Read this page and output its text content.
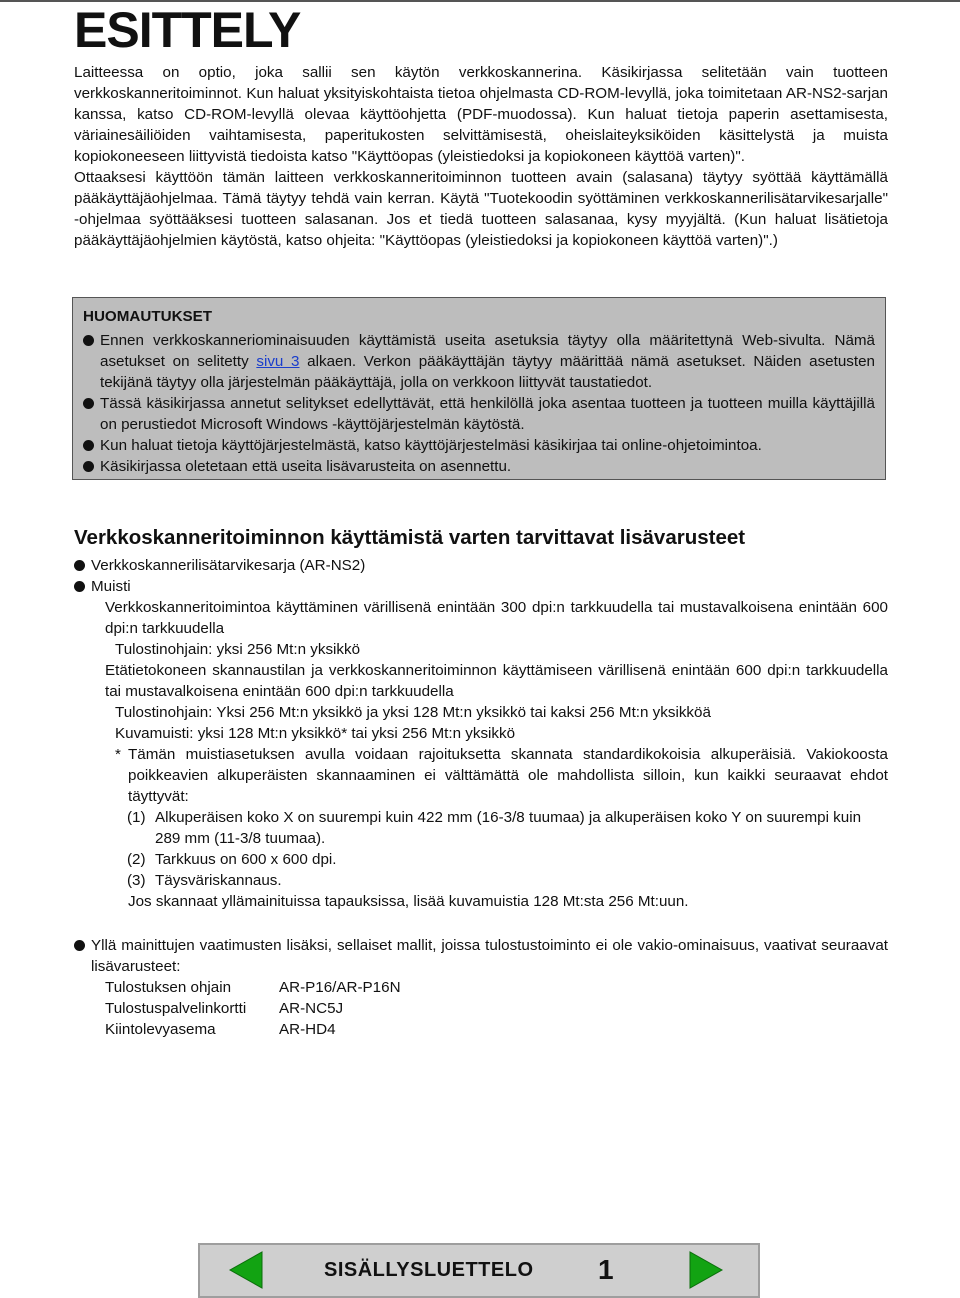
ESITTELY
Laitteessa on optio, joka sallii sen käytön verkkoskannerina. Käsikirjassa selitetään vain tuotteen verkkoskanneritoiminnot. Kun haluat yksityiskohtaista tietoa ohjelmasta CD-ROM-levyllä, joka toimitetaan AR-NS2-sarjan kanssa, katso CD-ROM-levyllä olevaa käyttöohjetta (PDF-muodossa). Kun haluat tietoja paperin asettamisesta, väriainesäiliöiden vaihtamisesta, paperitukosten selvittämisestä, oheislaiteyksiköiden käsittelystä ja muista kopiokoneeseen liittyvistä tiedoista katso "Käyttöopas (yleistiedoksi ja kopiokoneen käyttöä varten)".
Ottaaksesi käyttöön tämän laitteen verkkoskanneritoiminnon tuotteen avain (salasana) täytyy syöttää käyttämällä pääkäyttäjäohjelmaa. Tämä täytyy tehdä vain kerran. Käytä "Tuotekoodin syöttäminen verkkoskannerilisätarvikesarjalle" -ohjelmaa syöttääksesi tuotteen salasanan. Jos et tiedä tuotteen salasanaa, kysy myyjältä. (Kun haluat lisätietoja pääkäyttäjäohjelmien käytöstä, katso ohjeita: "Käyttöopas (yleistiedoksi ja kopiokoneen käyttöä varten)".)
HUOMAUTUKSET
Ennen verkkoskanneriominaisuuden käyttämistä useita asetuksia täytyy olla määritettynä Web-sivulta. Nämä asetukset on selitetty sivu 3 alkaen. Verkon pääkäyttäjän täytyy määrittää nämä asetukset. Näiden asetusten tekijänä täytyy olla järjestelmän pääkäyttäjä, jolla on verkkoon liittyvät taustatiedot.
Tässä käsikirjassa annetut selitykset edellyttävät, että henkilöllä joka asentaa tuotteen ja tuotteen muilla käyttäjillä on perustiedot Microsoft Windows -käyttöjärjestelmän käytöstä.
Kun haluat tietoja käyttöjärjestelmästä, katso käyttöjärjestelmäsi käsikirjaa tai online-ohjetoimintoa.
Käsikirjassa oletetaan että useita lisävarusteita on asennettu.
Verkkoskanneritoiminnon käyttämistä varten tarvittavat lisävarusteet
Verkkoskannerilisätarvikesarja (AR-NS2)
Muisti
Verkkoskanneritoimintoa käyttäminen värillisenä enintään 300 dpi:n tarkkuudella tai mustavalkoisena enintään 600 dpi:n tarkkuudella
Tulostinohjain: yksi 256 Mt:n yksikkö
Etätietokoneen skannaustilan ja verkkoskanneritoiminnon käyttämiseen värillisenä enintään 600 dpi:n tarkkuudella tai mustavalkoisena enintään 600 dpi:n tarkkuudella
Tulostinohjain: Yksi 256 Mt:n yksikkö ja yksi 128 Mt:n yksikkö tai kaksi 256 Mt:n yksikköä
Kuvamuisti: yksi 128 Mt:n yksikkö* tai yksi 256 Mt:n yksikkö
* Tämän muistiasetuksen avulla voidaan rajoituksetta skannata standardikokoisia alkuperäisiä. Vakiokoosta poikkeavien alkuperäisten skannaaminen ei välttämättä ole mahdollista silloin, kun kaikki seuraavat ehdot täyttyvät:
(1) Alkuperäisen koko X on suurempi kuin 422 mm (16-3/8 tuumaa) ja alkuperäisen koko Y on suurempi kuin 289 mm (11-3/8 tuumaa).
(2) Tarkkuus on 600 x 600 dpi.
(3) Täysväriskannaus.
Jos skannaat yllämainituissa tapauksissa, lisää kuvamuistia 128 Mt:sta 256 Mt:uun.
Yllä mainittujen vaatimusten lisäksi, sellaiset mallit, joissa tulostustoiminto ei ole vakio-ominaisuus, vaativat seuraavat lisävarusteet:
Tulostuksen ohjain	AR-P16/AR-P16N
Tulostuspalvelinkortti	AR-NC5J
Kiintolevyasema	AR-HD4
SISÄLLYSLUETTELO 1
